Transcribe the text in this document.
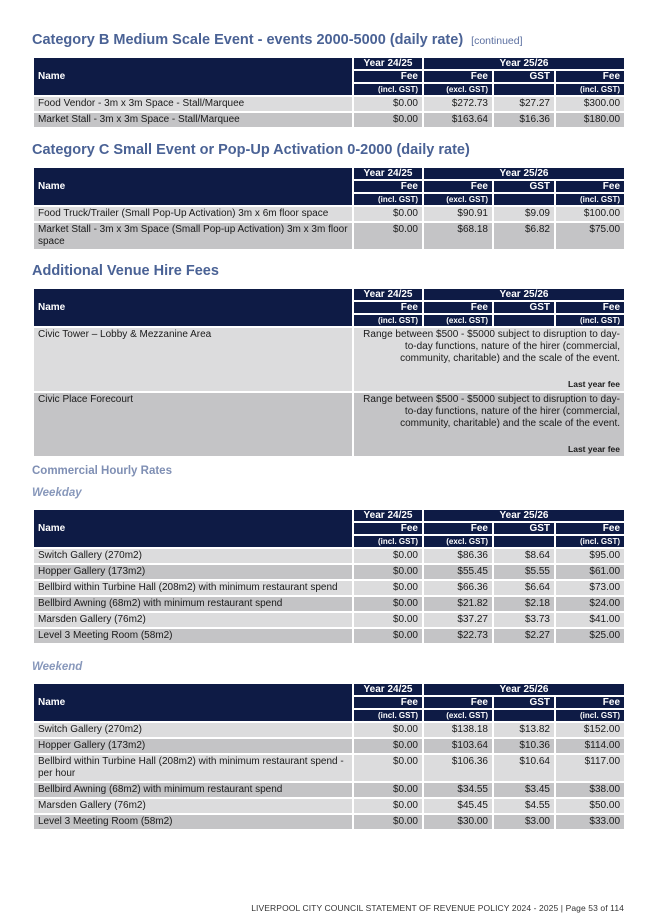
Category B Medium Scale Event - events 2000-5000 (daily rate) [continued]
Name	Year 24/25	Year 25/26		
	Fee	Fee	GST	Fee
	(incl. GST)	(excl. GST)		(incl. GST)
Food Vendor - 3m x 3m Space - Stall/Marquee	$0.00	$272.73	$27.27	$300.00
Market Stall - 3m x 3m Space - Stall/Marquee	$0.00	$163.64	$16.36	$180.00
Category C Small Event or Pop-Up Activation 0-2000 (daily rate)
Name	Year 24/25	Year 25/26		
	Fee	Fee	GST	Fee
	(incl. GST)	(excl. GST)		(incl. GST)
Food Truck/Trailer (Small Pop-Up Activation) 3m x 6m floor space	$0.00	$90.91	$9.09	$100.00
Market Stall - 3m x 3m Space (Small Pop-up Activation) 3m x 3m floor space	$0.00	$68.18	$6.82	$75.00
Additional Venue Hire Fees
Name	Year 24/25	Year 25/26		
	Fee	Fee	GST	Fee
	(incl. GST)	(excl. GST)		(incl. GST)
Civic Tower – Lobby & Mezzanine Area	Range between $500 - $5000 subject to disruption to day-to-day functions, nature of the hirer (commercial, community, charitable) and the scale of the event.
Last year fee			

Civic Place Forecourt	Range between $500 - $5000 subject to disruption to day-to-day functions, nature of the hirer (commercial, community, charitable) and the scale of the event.
Last year fee			
Commercial Hourly Rates
Weekday
Name	Year 24/25	Year 25/26		
	Fee	Fee	GST	Fee
	(incl. GST)	(excl. GST)		(incl. GST)
Switch Gallery (270m2)	$0.00	$86.36	$8.64	$95.00
Hopper Gallery (173m2)	$0.00	$55.45	$5.55	$61.00
Bellbird within Turbine Hall (208m2) with minimum restaurant spend	$0.00	$66.36	$6.64	$73.00
Bellbird Awning (68m2) with minimum restaurant spend	$0.00	$21.82	$2.18	$24.00
Marsden Gallery (76m2)	$0.00	$37.27	$3.73	$41.00
Level 3 Meeting Room (58m2)	$0.00	$22.73	$2.27	$25.00
Weekend
Name	Year 24/25	Year 25/26		
	Fee	Fee	GST	Fee
	(incl. GST)	(excl. GST)		(incl. GST)
Switch Gallery (270m2)	$0.00	$138.18	$13.82	$152.00
Hopper Gallery (173m2)	$0.00	$103.64	$10.36	$114.00
Bellbird within Turbine Hall (208m2) with minimum restaurant spend - per hour	$0.00	$106.36	$10.64	$117.00
Bellbird Awning (68m2) with minimum restaurant spend	$0.00	$34.55	$3.45	$38.00
Marsden Gallery (76m2)	$0.00	$45.45	$4.55	$50.00
Level 3 Meeting Room (58m2)	$0.00	$30.00	$3.00	$33.00
LIVERPOOL CITY COUNCIL STATEMENT OF REVENUE POLICY 2024 - 2025 | Page 53 of 114
